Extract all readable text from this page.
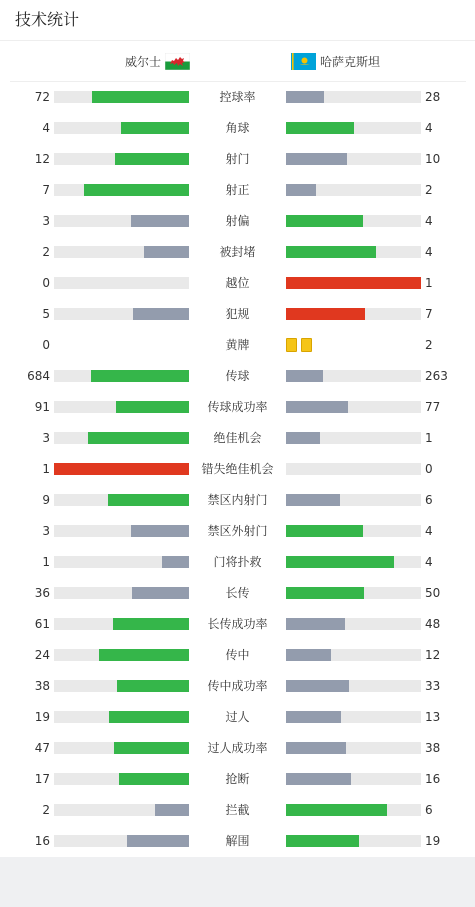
技术统计
威尔士	哈萨克斯坦
72	控球率	28
4	角球	4
12	射门	10
7	射正	2
3	射偏	4
2	被封堵	4
0	越位	1
5	犯规	7
0	黄牌	2
684	传球	263
91	传球成功率	77
3	绝佳机会	1
1	错失绝佳机会	0
9	禁区内射门	6
3	禁区外射门	4
1	门将扑救	4
36	长传	50
61	长传成功率	48
24	传中	12
38	传中成功率	33
19	过人	13
47	过人成功率	38
17	抢断	16
2	拦截	6
16	解围	19
